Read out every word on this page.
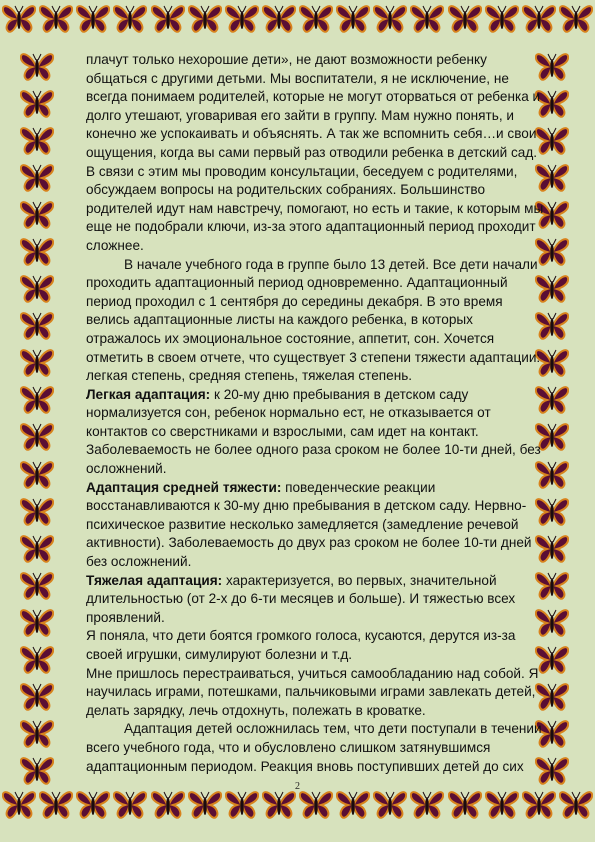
плачут только нехорошие дети», не дают возможности ребенку общаться с другими детьми. Мы воспитатели, я не исключение, не всегда понимаем родителей, которые не могут оторваться от ребенка и долго утешают, уговаривая его зайти в группу. Мам нужно понять, и конечно же успокаивать и объяснять. А так же вспомнить себя…и свои ощущения, когда вы сами первый раз отводили ребенка в детский сад. В связи с этим мы проводим консультации, беседуем с родителями, обсуждаем вопросы на родительских собраниях. Большинство родителей идут нам навстречу, помогают, но есть и такие, к которым мы еще не подобрали ключи, из-за этого адаптационный период проходит сложнее.

В начале учебного года в группе было 13 детей. Все дети начали проходить адаптационный период одновременно. Адаптационный период проходил с 1 сентября до середины декабря. В это время велись адаптационные листы на каждого ребенка, в которых отражалось их эмоциональное состояние, аппетит, сон. Хочется отметить в своем отчете, что существует 3 степени тяжести адаптации: легкая степень, средняя степень, тяжелая степень.

Легкая адаптация: к 20-му дню пребывания в детском саду нормализуется сон, ребенок нормально ест, не отказывается от контактов со сверстниками и взрослыми, сам идет на контакт. Заболеваемость не более одного раза сроком не более 10-ти дней, без осложнений.

Адаптация средней тяжести: поведенческие реакции восстанавливаются к 30-му дню пребывания в детском саду. Нервно-психическое развитие несколько замедляется (замедление речевой активности). Заболеваемость до двух раз сроком не более 10-ти дней без осложнений.

Тяжелая адаптация: характеризуется, во первых, значительной длительностью (от 2-х до 6-ти месяцев и больше). И тяжестью всех проявлений.

Я поняла, что дети боятся громкого голоса, кусаются, дерутся из-за своей игрушки, симулируют болезни и т.д.

Мне пришлось перестраиваться, учиться самообладанию над собой. Я научилась играми, потешками, пальчиковыми играми завлекать детей, делать зарядку, лечь отдохнуть, полежать в кроватке.

Адаптация детей осложнилась тем, что дети поступали в течении всего учебного года, что и обусловлено слишком затянувшимся адаптационным периодом. Реакция вновь поступивших детей до сих

2
